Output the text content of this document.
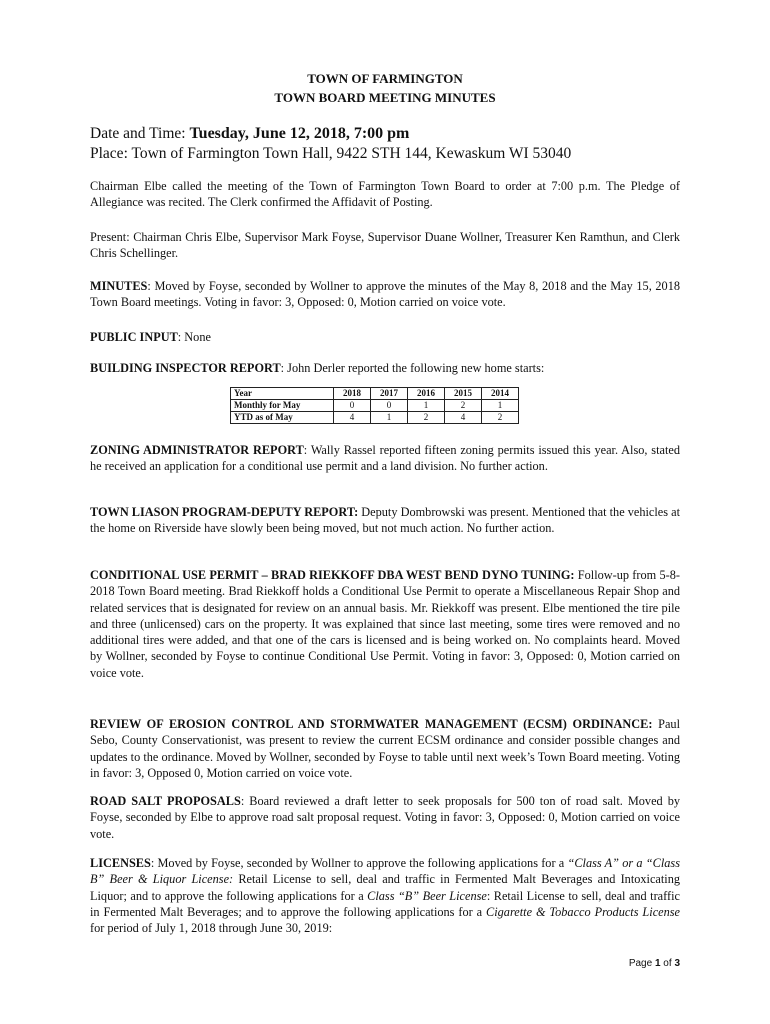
TOWN OF FARMINGTON
TOWN BOARD MEETING MINUTES
Date and Time: Tuesday, June 12, 2018, 7:00 pm
Place: Town of Farmington Town Hall, 9422 STH 144, Kewaskum WI 53040

Chairman Elbe called the meeting of the Town of Farmington Town Board to order at 7:00 p.m. The Pledge of Allegiance was recited. The Clerk confirmed the Affidavit of Posting.

Present: Chairman Chris Elbe, Supervisor Mark Foyse, Supervisor Duane Wollner, Treasurer Ken Ramthun, and Clerk Chris Schellinger.

MINUTES: Moved by Foyse, seconded by Wollner to approve the minutes of the May 8, 2018 and the May 15, 2018 Town Board meetings. Voting in favor: 3, Opposed: 0, Motion carried on voice vote.

PUBLIC INPUT: None

BUILDING INSPECTOR REPORT: John Derler reported the following new home starts:

Year	2018	2017	2016	2015	2014
Monthly for May	0	0	1	2	1
YTD as of May	4	1	2	4	2

ZONING ADMINISTRATOR REPORT: Wally Rassel reported fifteen zoning permits issued this year. Also, stated he received an application for a conditional use permit and a land division. No further action.

TOWN LIASON PROGRAM-DEPUTY REPORT: Deputy Dombrowski was present. Mentioned that the vehicles at the home on Riverside have slowly been being moved, but not much action. No further action.

CONDITIONAL USE PERMIT – BRAD RIEKKOFF DBA WEST BEND DYNO TUNING: Follow-up from 5-8-2018 Town Board meeting. Brad Riekkoff holds a Conditional Use Permit to operate a Miscellaneous Repair Shop and related services that is designated for review on an annual basis. Mr. Riekkoff was present. Elbe mentioned the tire pile and three (unlicensed) cars on the property. It was explained that since last meeting, some tires were removed and no additional tires were added, and that one of the cars is licensed and is being worked on. No complaints heard. Moved by Wollner, seconded by Foyse to continue Conditional Use Permit. Voting in favor: 3, Opposed: 0, Motion carried on voice vote.

REVIEW OF EROSION CONTROL AND STORMWATER MANAGEMENT (ECSM) ORDINANCE: Paul Sebo, County Conservationist, was present to review the current ECSM ordinance and consider possible changes and updates to the ordinance. Moved by Wollner, seconded by Foyse to table until next week’s Town Board meeting. Voting in favor: 3, Opposed 0, Motion carried on voice vote.

ROAD SALT PROPOSALS: Board reviewed a draft letter to seek proposals for 500 ton of road salt. Moved by Foyse, seconded by Elbe to approve road salt proposal request. Voting in favor: 3, Opposed: 0, Motion carried on voice vote.

LICENSES: Moved by Foyse, seconded by Wollner to approve the following applications for a “Class A” or a “Class B” Beer & Liquor License: Retail License to sell, deal and traffic in Fermented Malt Beverages and Intoxicating Liquor; and to approve the following applications for a Class “B” Beer License: Retail License to sell, deal and traffic in Fermented Malt Beverages; and to approve the following applications for a Cigarette & Tobacco Products License for period of July 1, 2018 through June 30, 2019:

Page 1 of 3
